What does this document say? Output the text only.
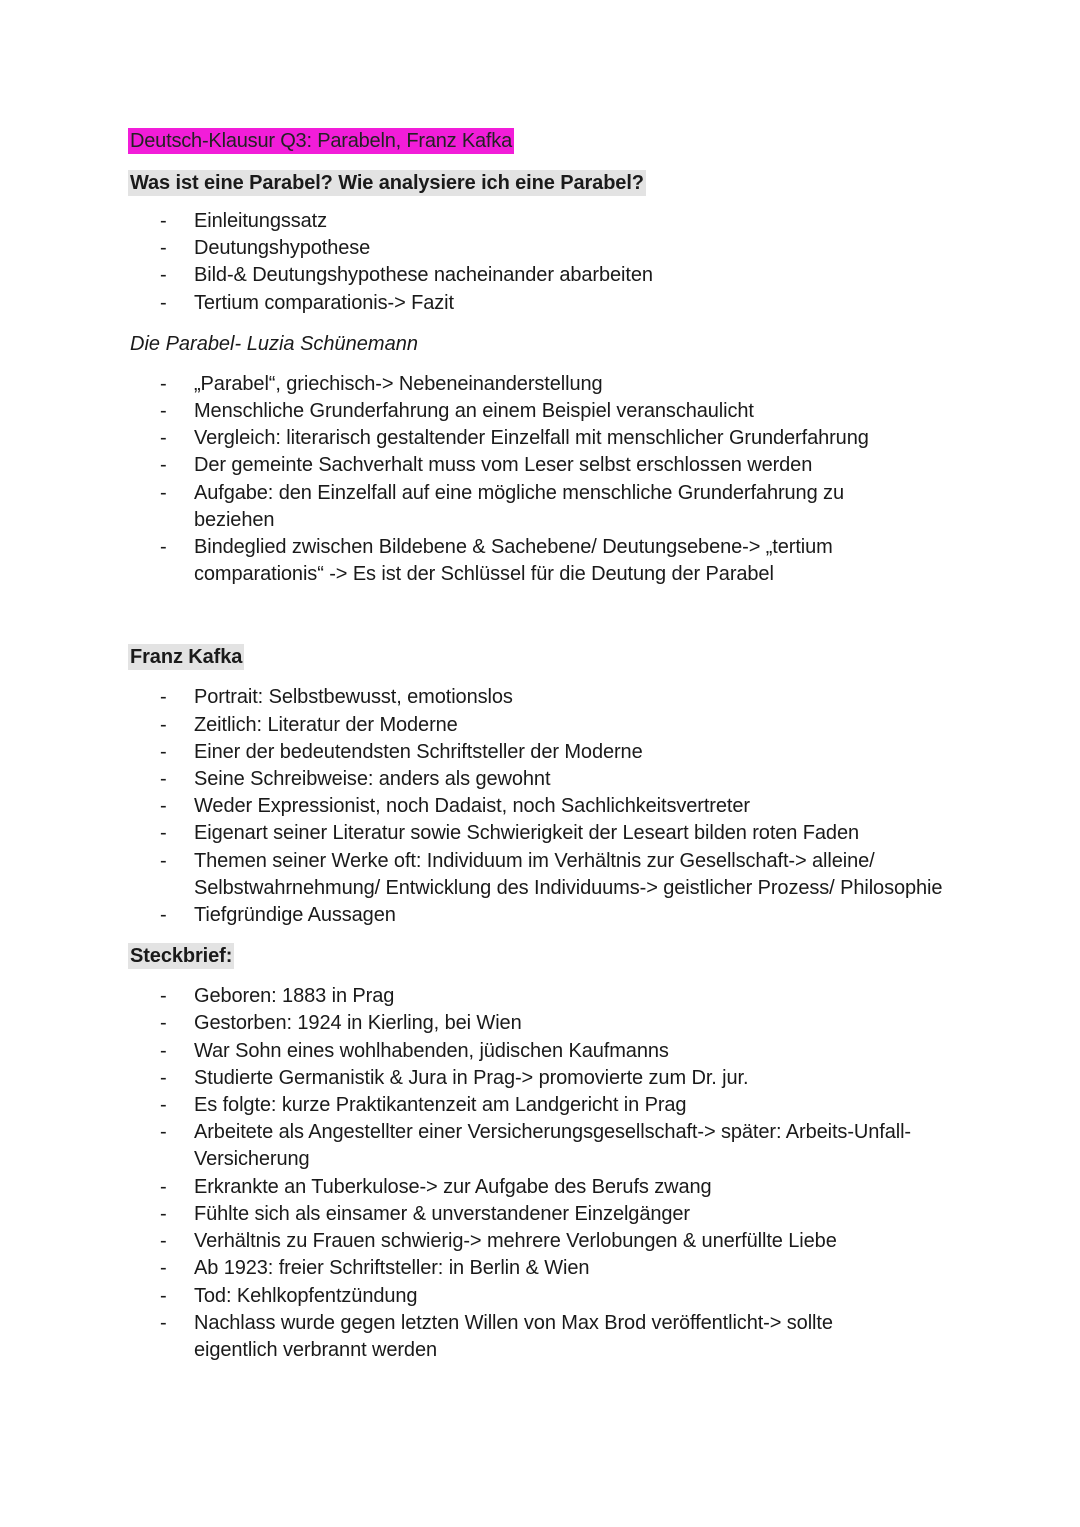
Deutsch-Klausur Q3: Parabeln, Franz Kafka
Was ist eine Parabel? Wie analysiere ich eine Parabel?
- Einleitungssatz
- Deutungshypothese
- Bild-& Deutungshypothese nacheinander abarbeiten
- Tertium comparationis-> Fazit
Die Parabel- Luzia Schünemann
- „Parabel“, griechisch-> Nebeneinanderstellung
- Menschliche Grunderfahrung an einem Beispiel veranschaulicht
- Vergleich: literarisch gestaltender Einzelfall mit menschlicher Grunderfahrung
- Der gemeinte Sachverhalt muss vom Leser selbst erschlossen werden
- Aufgabe: den Einzelfall auf eine mögliche menschliche Grunderfahrung zu beziehen
- Bindeglied zwischen Bildebene & Sachebene/ Deutungsebene-> „tertium comparationis“ -> Es ist der Schlüssel für die Deutung der Parabel
Franz Kafka
- Portrait: Selbstbewusst, emotionslos
- Zeitlich: Literatur der Moderne
- Einer der bedeutendsten Schriftsteller der Moderne
- Seine Schreibweise: anders als gewohnt
- Weder Expressionist, noch Dadaist, noch Sachlichkeitsvertreter
- Eigenart seiner Literatur sowie Schwierigkeit der Leseart bilden roten Faden
- Themen seiner Werke oft: Individuum im Verhältnis zur Gesellschaft-> alleine/ Selbstwahrnehmung/ Entwicklung des Individuums-> geistlicher Prozess/ Philosophie
- Tiefgründige Aussagen
Steckbrief:
- Geboren: 1883 in Prag
- Gestorben: 1924 in Kierling, bei Wien
- War Sohn eines wohlhabenden, jüdischen Kaufmanns
- Studierte Germanistik & Jura in Prag-> promovierte zum Dr. jur.
- Es folgte: kurze Praktikantenzeit am Landgericht in Prag
- Arbeitete als Angestellter einer Versicherungsgesellschaft-> später: Arbeits-Unfall-Versicherung
- Erkrankte an Tuberkulose-> zur Aufgabe des Berufs zwang
- Fühlte sich als einsamer & unverstandener Einzelgänger
- Verhältnis zu Frauen schwierig-> mehrere Verlobungen & unerfüllte Liebe
- Ab 1923: freier Schriftsteller: in Berlin & Wien
- Tod: Kehlkopfentzündung
- Nachlass wurde gegen letzten Willen von Max Brod veröffentlicht-> sollte eigentlich verbrannt werden
